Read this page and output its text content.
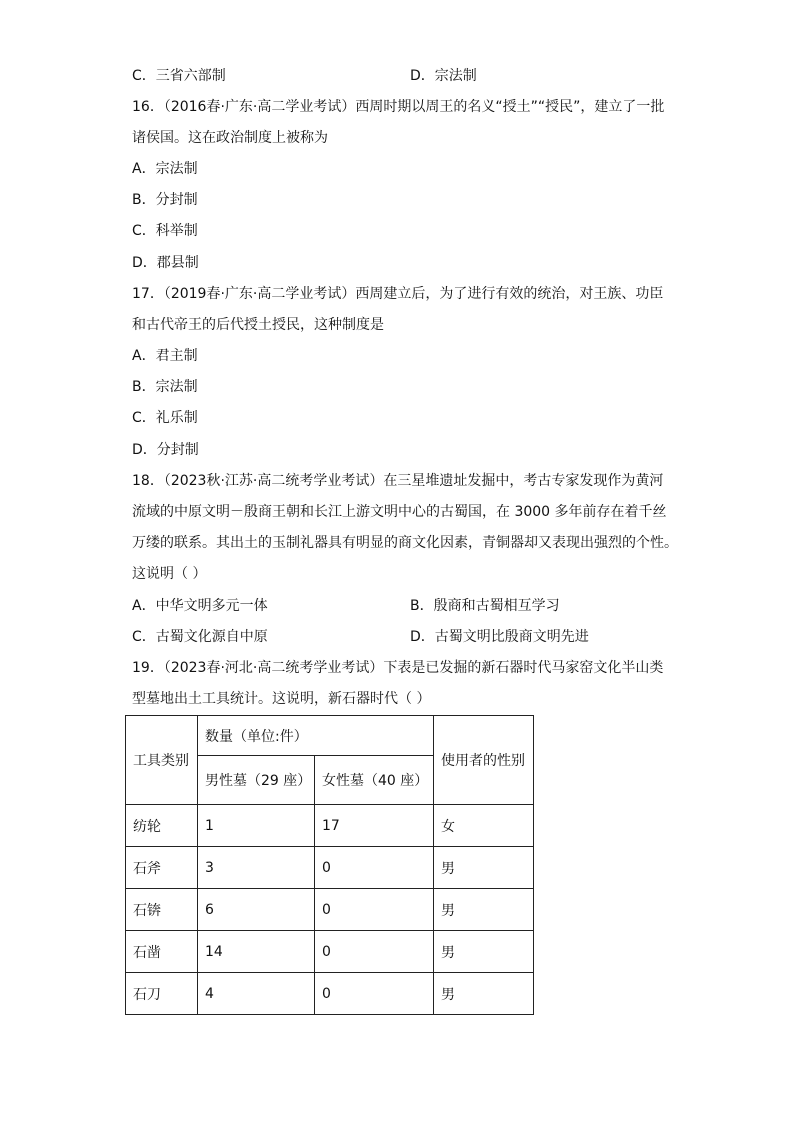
C．三省六部制	D．宗法制
16．（2016春·广东·高二学业考试）西周时期以周王的名义“授土”“授民”，建立了一批
诸侯国。这在政治制度上被称为
A．宗法制
B．分封制
C．科举制
D．郡县制
17．（2019春·广东·高二学业考试）西周建立后，为了进行有效的统治，对王族、功臣
和古代帝王的后代授土授民，这种制度是
A．君主制
B．宗法制
C．礼乐制
D．分封制
18．（2023秋·江苏·高二统考学业考试）在三星堆遗址发掘中，考古专家发现作为黄河
流域的中原文明－殷商王朝和长江上游文明中心的古蜀国，在 3000 多年前存在着千丝
万缕的联系。其出土的玉制礼器具有明显的商文化因素，青铜器却又表现出强烈的个性。
这说明（ ）
A．中华文明多元一体	B．殷商和古蜀相互学习
C．古蜀文化源自中原	D．古蜀文明比殷商文明先进
19．（2023春·河北·高二统考学业考试）下表是已发掘的新石器时代马家窑文化半山类
型墓地出土工具统计。这说明，新石器时代（ ）
工具类别	数量（单位:件）		使用者的性别
	男性墓（29 座）	女性墓（40 座）	
纺轮	1	17	女
石斧	3	0	男
石锛	6	0	男
石凿	14	0	男
石刀	4	0	男
